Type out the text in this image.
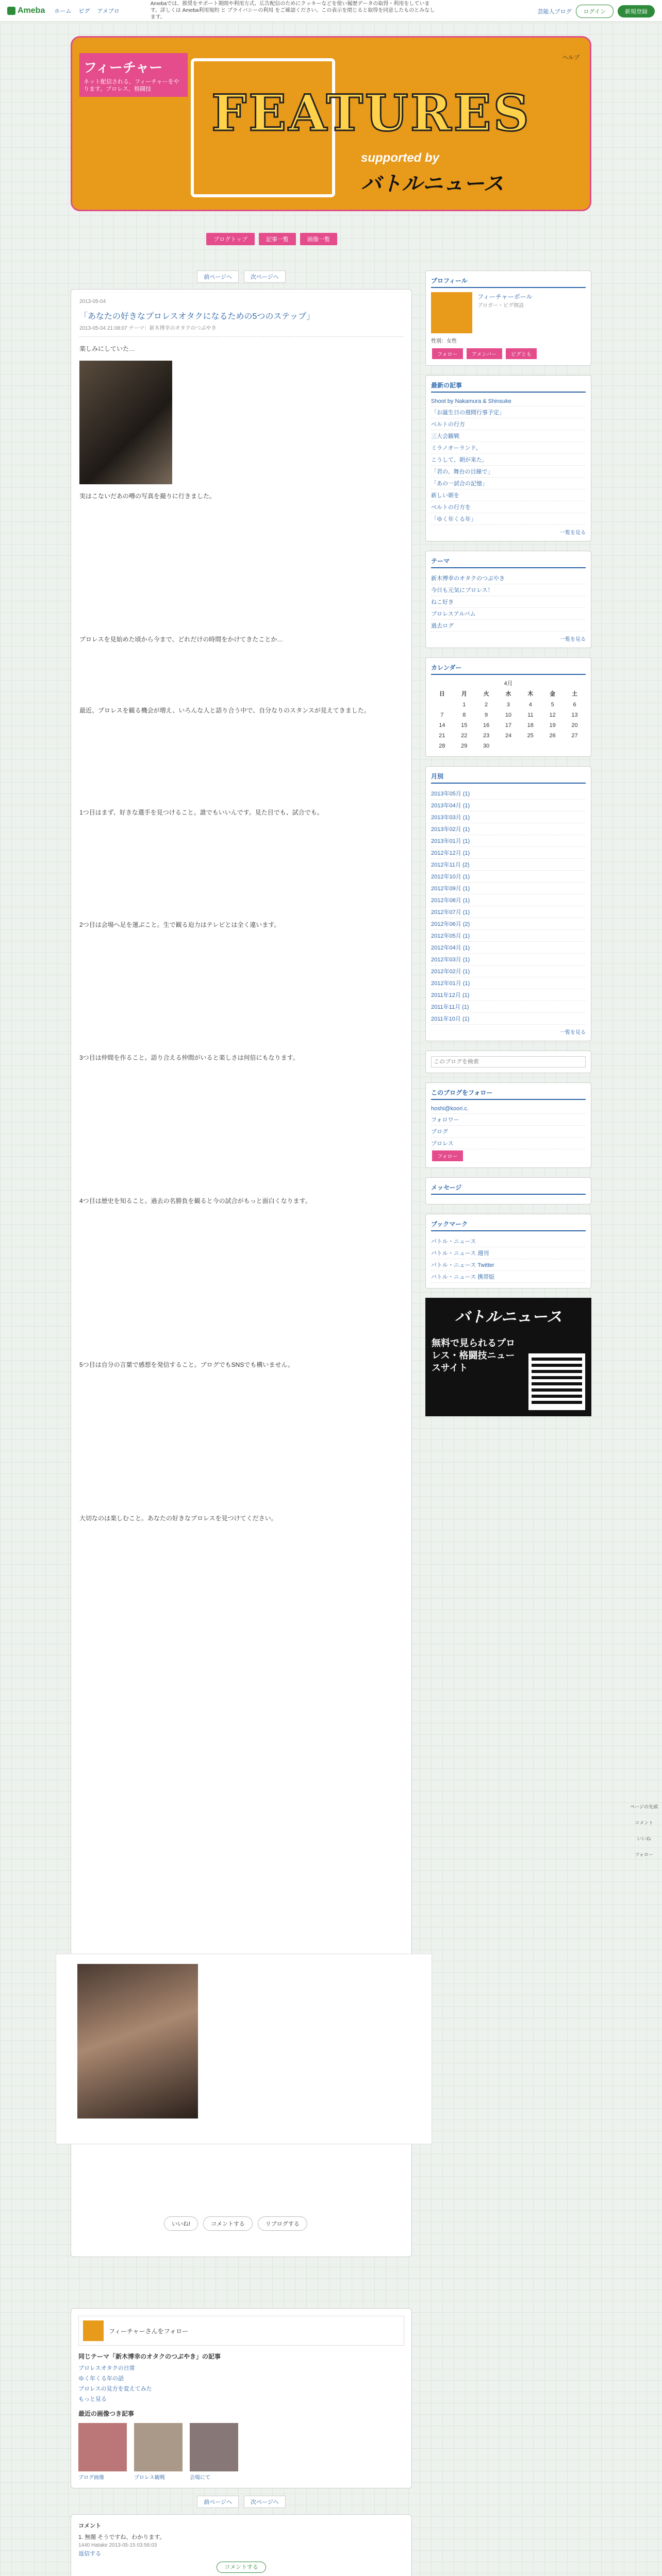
Ameba ホーム ピグ アメブロ
Amebaでは、推奨をサポート期間や利用方式、広告配信のためにクッキーなどを使い履歴データの取得・利用をしています。詳しくは Ameba利用規約 と プライバシーの利用 をご確認ください。この表示を閉じると取得を同意したものとみなします。
芸能人ブログ	ログイン	新規登録
フィーチャー
ネット配信される、フィーチャーをやります。プロレス、格闘技	FEATURES
supported by
バトルニュース
ヘルプ
ブログトップ	記事一覧	画像一覧
前ページへ	次ページへ
2013-05-04
「あなたの好きなプロレスオタクになるための5つのステップ」
2013-05-04 21:08:07 テーマ：新木博幸のオタクのつぶやき

楽しみにしていた…

実はこないだあの噂の写真を撮りに行きました。

プロレスを見始めた頃から今まで、どれだけの時間をかけてきたことか…

最近、プロレスを観る機会が増え、いろんな人と語り合う中で、自分なりのスタンスが見えてきました。

1つ目はまず、好きな選手を見つけること。誰でもいいんです。見た目でも、試合でも。

2つ目は会場へ足を運ぶこと。生で観る迫力はテレビとは全く違います。

3つ目は仲間を作ること。語り合える仲間がいると楽しさは何倍にもなります。

4つ目は歴史を知ること。過去の名勝負を観ると今の試合がもっと面白くなります。

5つ目は自分の言葉で感想を発信すること。ブログでもSNSでも構いません。

大切なのは楽しむこと。あなたの好きなプロレスを見つけてください。

いいね!	コメントする	リブログする
フィーチャーさんをフォロー
同じテーマ「新木博幸のオタクのつぶやき」の記事
プロレスオタクの日常
ゆく年くる年の話
プロレスの見方を変えてみた
もっと見る
最近の画像つき記事
ブログ画像	プロレス観戦	会場にて
前ページへ	次ページへ
コメント
1. 無題 そうですね、わかります。
1440 Hatake 2013-05-15 03:56:03
返信する
コメントする
プロフィール
フィーチャーボール
ブロガー・ピグ開設
性別：女性
フォロー	アメンバー	ピグとも
最新の記事
Shoot by Nakamura & Shinsuke
「お誕生日の週間行事予定」
ベルトの行方
三大会観戦
ミラノオーランド。
こうして、朝が来た。
「君の、舞台の目線で」
「あの一試合の記憶」
新しい朝を
ベルトの行方を
「ゆく年くる年」
一覧を見る
テーマ
新木博幸のオタクのつぶやき
今日も元気にプロレス！
ねこ好き
プロレスアルバム
過去ログ
一覧を見る
カレンダー
4月
日	月	火	水	木	金	土
	1	2	3	4	5	6
7	8	9	10	11	12	13
14	15	16	17	18	19	20
21	22	23	24	25	26	27
28	29	30				
月別
2013年05月 (1)
2013年04月 (1)
2013年03月 (1)
2013年02月 (1)
2013年01月 (1)
2012年12月 (1)
2012年11月 (2)
2012年10月 (1)
2012年09月 (1)
2012年08月 (1)
2012年07月 (1)
2012年06月 (2)
2012年05月 (1)
2012年04月 (1)
2012年03月 (1)
2012年02月 (1)
2012年01月 (1)
2011年12月 (1)
2011年11月 (1)
2011年10月 (1)
一覧を見る
このブログを検索
このブログをフォロー
hoshi@koori.c.
フォロワー
ブログ
プロレス
フォロー
メッセージ
ブックマーク
バトル・ニュース
バトル・ニュース 週刊
バトル・ニュース Twitter
バトル・ニュース 携帯版
バトルニュース
無料で見られるプロレス・格闘技ニュースサイト
ページの先頭
コメント
いいね
フォロー
